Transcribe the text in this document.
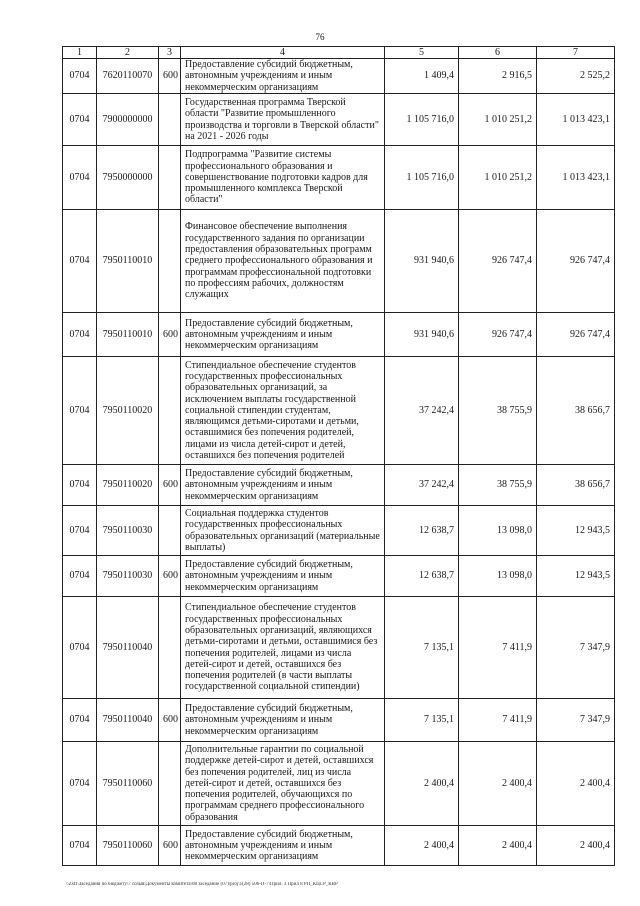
76
1	2	3	4	5	6	7
0704	7620110070	600	Предоставление субсидий бюджетным, автономным учреждениям и иным некоммерческим организациям	1 409,4	2 916,5	2 525,2
0704	7900000000		Государственная программа Тверской области "Развитие промышленного производства и торговли в Тверской области" на 2021 - 2026 годы	1 105 716,0	1 010 251,2	1 013 423,1
0704	7950000000		Подпрограмма "Развитие системы профессионального образования и совершенствование подготовки кадров для промышленного комплекса Тверской области"	1 105 716,0	1 010 251,2	1 013 423,1
0704	7950110010		Финансовое обеспечение выполнения государственного задания по организации предоставления образовательных программ среднего профессионального образования и программам профессиональной подготовки по профессиям рабочих, должностям служащих	931 940,6	926 747,4	926 747,4
0704	7950110010	600	Предоставление субсидий бюджетным, автономным учреждениям и иным некоммерческим организациям	931 940,6	926 747,4	926 747,4
0704	7950110020		Стипендиальное обеспечение студентов государственных профессиональных образовательных организаций, за исключением выплаты государственной социальной стипендии студентам, являющимся детьми-сиротами и детьми, оставшимися без попечения родителей, лицами из числа детей-сирот и детей, оставшихся без попечения родителей	37 242,4	38 755,9	38 656,7
0704	7950110020	600	Предоставление субсидий бюджетным, автономным учреждениям и иным некоммерческим организациям	37 242,4	38 755,9	38 656,7
0704	7950110030		Социальная поддержка студентов государственных профессиональных образовательных организаций (материальные выплаты)	12 638,7	13 098,0	12 943,5
0704	7950110030	600	Предоставление субсидий бюджетным, автономным учреждениям и иным некоммерческим организациям	12 638,7	13 098,0	12 943,5
0704	7950110040		Стипендиальное обеспечение студентов государственных профессиональных образовательных организаций, являющихся детьми-сиротами и детьми, оставшимися без попечения родителей, лицами из числа детей-сирот и детей, оставшихся без попечения родителей (в части выплаты государственной социальной стипендии)	7 135,1	7 411,9	7 347,9
0704	7950110040	600	Предоставление субсидий бюджетным, автономным учреждениям и иным некоммерческим организациям	7 135,1	7 411,9	7 347,9
0704	7950110060		Дополнительные гарантии по социальной поддержке детей-сирот и детей, оставшихся без попечения родителей, лиц из числа детей-сирот и детей, оставшихся без попечения родителей, обучающихся по программам среднего профессионального образования	2 400,4	2 400,4	2 400,4
0704	7950110060	600	Предоставление субсидий бюджетным, автономным учреждениям и иным некоммерческим организациям	2 400,4	2 400,4	2 400,4
\\ZsfJ\Заседания по бюджету\7 созыв\Документы комитета\08 заседание (07)\proj\1(28) 506-П-7\Прил. 3 Прил 8 РП_КЦСР_КВР
